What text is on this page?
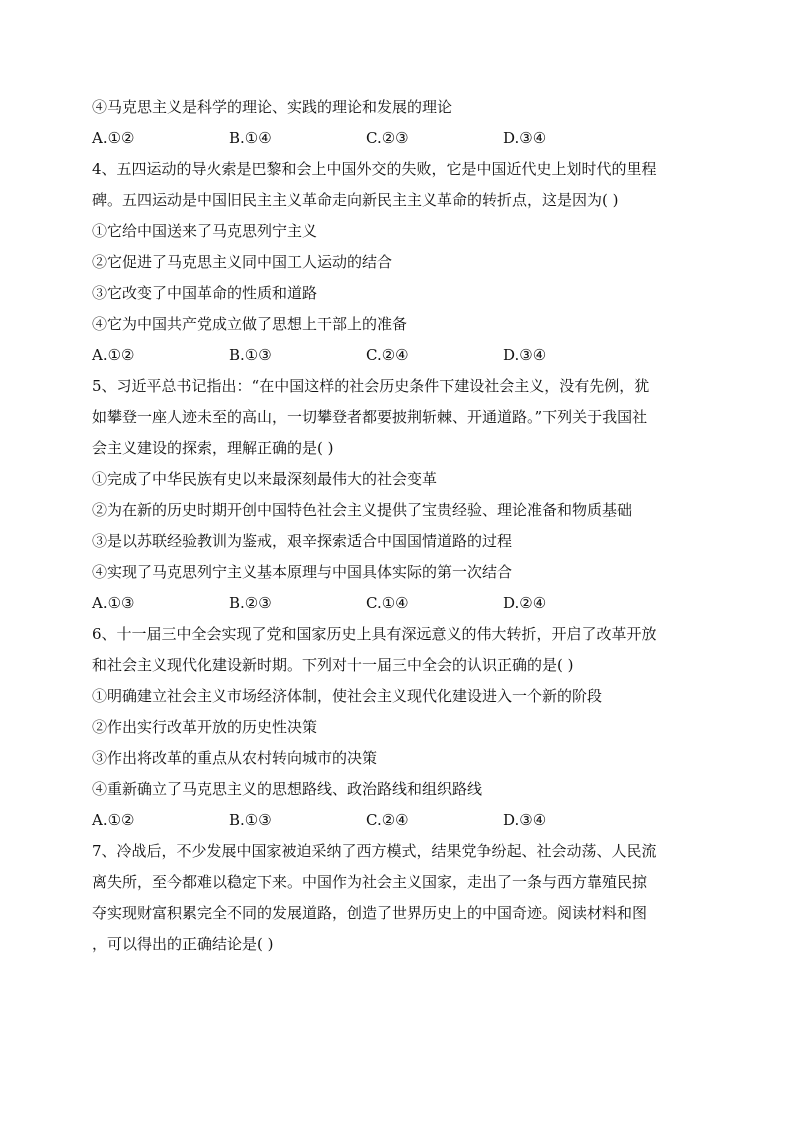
④马克思主义是科学的理论、实践的理论和发展的理论
A.①②	B.①④	C.②③	D.③④
4、五四运动的导火索是巴黎和会上中国外交的失败，它是中国近代史上划时代的里程
碑。五四运动是中国旧民主主义革命走向新民主主义革命的转折点，这是因为( )
①它给中国送来了马克思列宁主义
②它促进了马克思主义同中国工人运动的结合
③它改变了中国革命的性质和道路
④它为中国共产党成立做了思想上干部上的准备
A.①②	B.①③	C.②④	D.③④
5、习近平总书记指出：“在中国这样的社会历史条件下建设社会主义，没有先例，犹
如攀登一座人迹未至的高山，一切攀登者都要披荆斩棘、开通道路。”下列关于我国社
会主义建设的探索，理解正确的是( )
①完成了中华民族有史以来最深刻最伟大的社会变革
②为在新的历史时期开创中国特色社会主义提供了宝贵经验、理论准备和物质基础
③是以苏联经验教训为鉴戒，艰辛探索适合中国国情道路的过程
④实现了马克思列宁主义基本原理与中国具体实际的第一次结合
A.①③	B.②③	C.①④	D.②④
6、十一届三中全会实现了党和国家历史上具有深远意义的伟大转折，开启了改革开放
和社会主义现代化建设新时期。下列对十一届三中全会的认识正确的是( )
①明确建立社会主义市场经济体制，使社会主义现代化建设进入一个新的阶段
②作出实行改革开放的历史性决策
③作出将改革的重点从农村转向城市的决策
④重新确立了马克思主义的思想路线、政治路线和组织路线
A.①②	B.①③	C.②④	D.③④
7、冷战后，不少发展中国家被迫采纳了西方模式，结果党争纷起、社会动荡、人民流
离失所，至今都难以稳定下来。中国作为社会主义国家，走出了一条与西方靠殖民掠
夺实现财富积累完全不同的发展道路，创造了世界历史上的中国奇迹。阅读材料和图
，可以得出的正确结论是( )
